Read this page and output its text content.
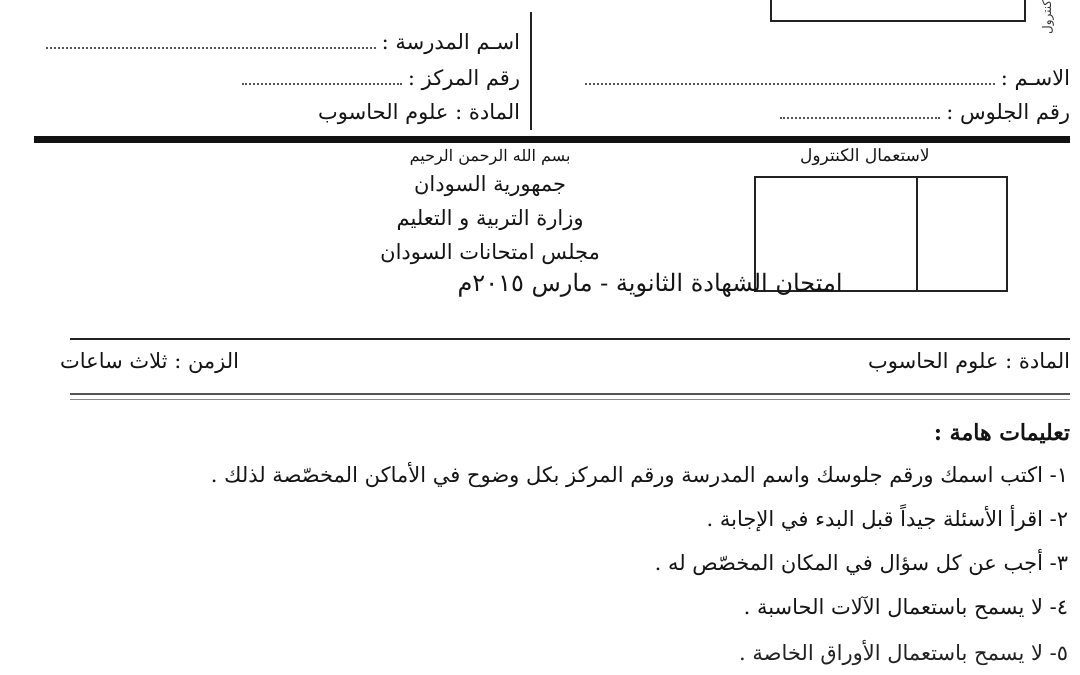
كنترول
اسـم المدرسة :
رقم المركز :
المادة : علوم الحاسوب
الاسـم :
رقم الجلوس :
لاستعمال الكنترول
بسم الله الرحمن الرحيم
جمهورية السودان
وزارة التربية و التعليم
مجلس امتحانات السودان
امتحان الشهادة الثانوية - مارس ٢٠١٥م
المادة : علوم الحاسوب
الزمن : ثلاث ساعات
تعليمات هامة :
١- اكتب اسمك ورقم جلوسك واسم المدرسة ورقم المركز بكل وضوح في الأماكن المخصّصة لذلك .
٢- اقرأ الأسئلة جيداً قبل البدء في الإجابة .
٣- أجب عن كل سؤال في المكان المخصّص له .
٤- لا يسمح باستعمال الآلات الحاسبة .
٥- لا يسمح باستعمال الأوراق الخاصة .
